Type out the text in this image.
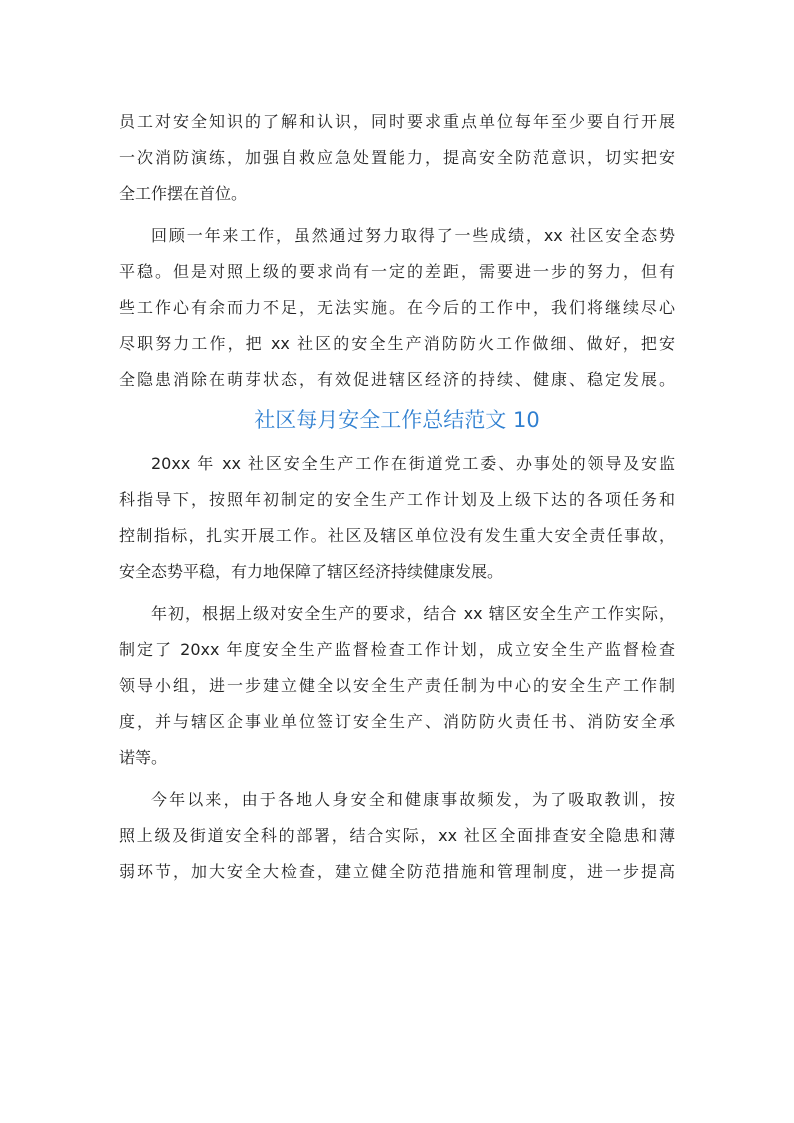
员工对安全知识的了解和认识，同时要求重点单位每年至少要自行开展
一次消防演练，加强自救应急处置能力，提高安全防范意识，切实把安
全工作摆在首位。
回顾一年来工作，虽然通过努力取得了一些成绩，xx 社区安全态势
平稳。但是对照上级的要求尚有一定的差距，需要进一步的努力，但有
些工作心有余而力不足，无法实施。在今后的工作中，我们将继续尽心
尽职努力工作，把 xx 社区的安全生产消防防火工作做细、做好，把安
全隐患消除在萌芽状态，有效促进辖区经济的持续、健康、稳定发展。
社区每月安全工作总结范文 10
20xx 年 xx 社区安全生产工作在街道党工委、办事处的领导及安监
科指导下，按照年初制定的安全生产工作计划及上级下达的各项任务和
控制指标，扎实开展工作。社区及辖区单位没有发生重大安全责任事故，
安全态势平稳，有力地保障了辖区经济持续健康发展。
年初，根据上级对安全生产的要求，结合 xx 辖区安全生产工作实际，
制定了 20xx 年度安全生产监督检查工作计划，成立安全生产监督检查
领导小组，进一步建立健全以安全生产责任制为中心的安全生产工作制
度，并与辖区企事业单位签订安全生产、消防防火责任书、消防安全承
诺等。
今年以来，由于各地人身安全和健康事故频发，为了吸取教训，按
照上级及街道安全科的部署，结合实际，xx 社区全面排查安全隐患和薄
弱环节，加大安全大检查，建立健全防范措施和管理制度，进一步提高
